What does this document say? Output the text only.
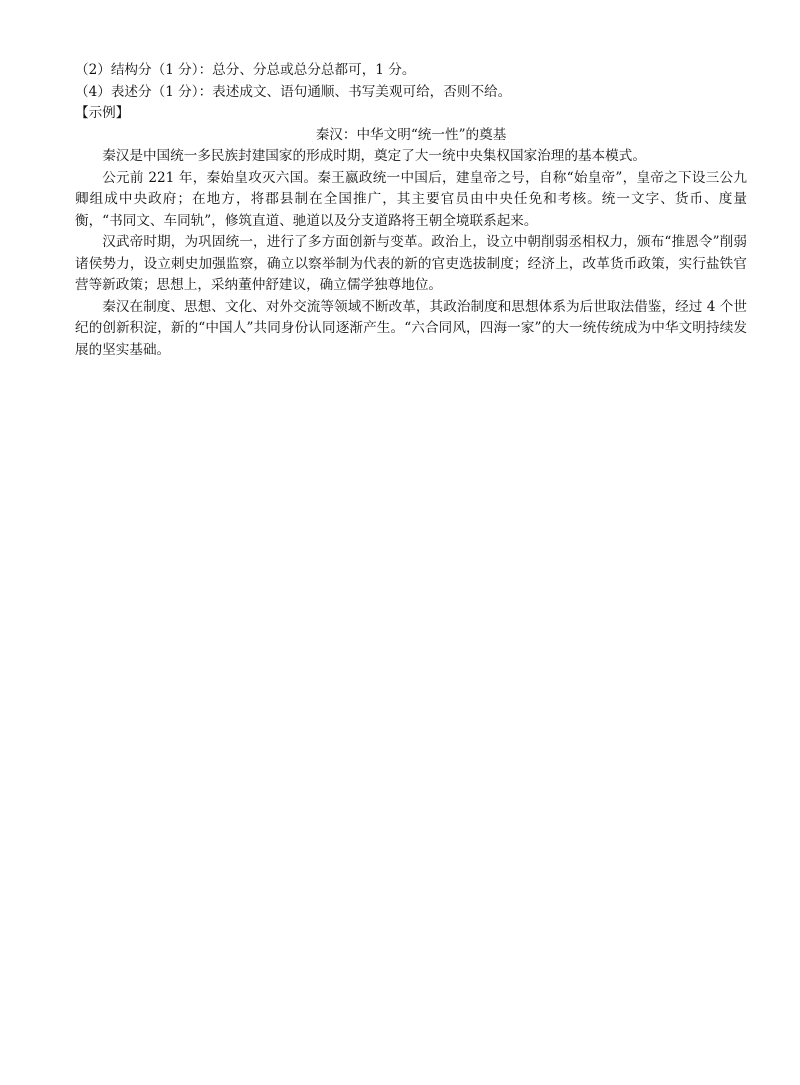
（2）结构分（1 分）：总分、分总或总分总都可，1 分。

（4）表述分（1 分）：表述成文、语句通顺、书写美观可给，否则不给。

【示例】

秦汉：中华文明“统一性”的奠基

秦汉是中国统一多民族封建国家的形成时期，奠定了大一统中央集权国家治理的基本模式。

公元前 221 年，秦始皇攻灭六国。秦王嬴政统一中国后，建皇帝之号，自称“始皇帝”，皇帝之下设三公九卿组成中央政府；在地方，将郡县制在全国推广，其主要官员由中央任免和考核。统一文字、货币、度量衡，“书同文、车同轨”，修筑直道、驰道以及分支道路将王朝全境联系起来。

汉武帝时期，为巩固统一，进行了多方面创新与变革。政治上，设立中朝削弱丞相权力，颁布“推恩令”削弱诸侯势力，设立刺史加强监察，确立以察举制为代表的新的官吏选拔制度；经济上，改革货币政策，实行盐铁官营等新政策；思想上，采纳董仲舒建议，确立儒学独尊地位。

秦汉在制度、思想、文化、对外交流等领域不断改革，其政治制度和思想体系为后世取法借鉴，经过 4 个世纪的创新积淀，新的“中国人”共同身份认同逐渐产生。“六合同风，四海一家”的大一统传统成为中华文明持续发展的坚实基础。
